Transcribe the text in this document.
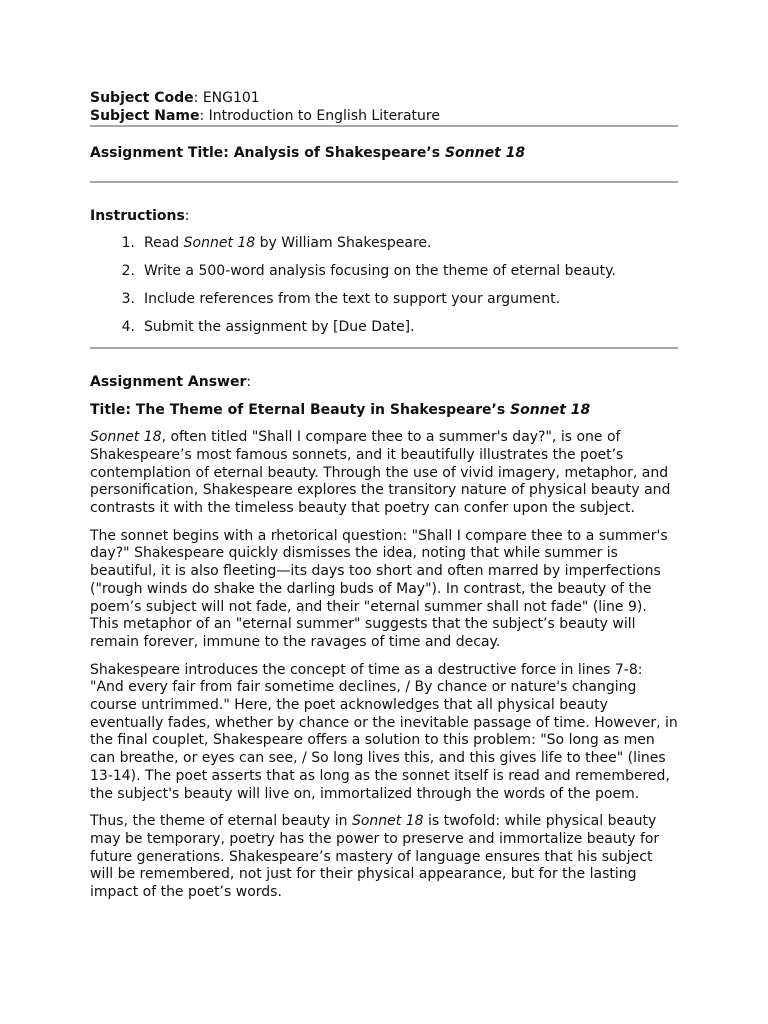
Subject Code: ENG101

Subject Name: Introduction to English Literature

Assignment Title: Analysis of Shakespeare’s Sonnet 18
Instructions:
1. Read Sonnet 18 by William Shakespeare.
2. Write a 500-word analysis focusing on the theme of eternal beauty.
3. Include references from the text to support your argument.
4. Submit the assignment by [Due Date].
Assignment Answer:
Title: The Theme of Eternal Beauty in Shakespeare’s Sonnet 18

Sonnet 18, often titled "Shall I compare thee to a summer's day?", is one of Shakespeare’s most famous sonnets, and it beautifully illustrates the poet’s contemplation of eternal beauty. Through the use of vivid imagery, metaphor, and personification, Shakespeare explores the transitory nature of physical beauty and contrasts it with the timeless beauty that poetry can confer upon the subject.

The sonnet begins with a rhetorical question: "Shall I compare thee to a summer's day?" Shakespeare quickly dismisses the idea, noting that while summer is beautiful, it is also fleeting—its days too short and often marred by imperfections ("rough winds do shake the darling buds of May"). In contrast, the beauty of the poem’s subject will not fade, and their "eternal summer shall not fade" (line 9). This metaphor of an "eternal summer" suggests that the subject’s beauty will remain forever, immune to the ravages of time and decay.

Shakespeare introduces the concept of time as a destructive force in lines 7-8: "And every fair from fair sometime declines, / By chance or nature's changing course untrimmed." Here, the poet acknowledges that all physical beauty eventually fades, whether by chance or the inevitable passage of time. However, in the final couplet, Shakespeare offers a solution to this problem: "So long as men can breathe, or eyes can see, / So long lives this, and this gives life to thee" (lines 13-14). The poet asserts that as long as the sonnet itself is read and remembered, the subject's beauty will live on, immortalized through the words of the poem.

Thus, the theme of eternal beauty in Sonnet 18 is twofold: while physical beauty may be temporary, poetry has the power to preserve and immortalize beauty for future generations. Shakespeare’s mastery of language ensures that his subject will be remembered, not just for their physical appearance, but for the lasting impact of the poet’s words.
